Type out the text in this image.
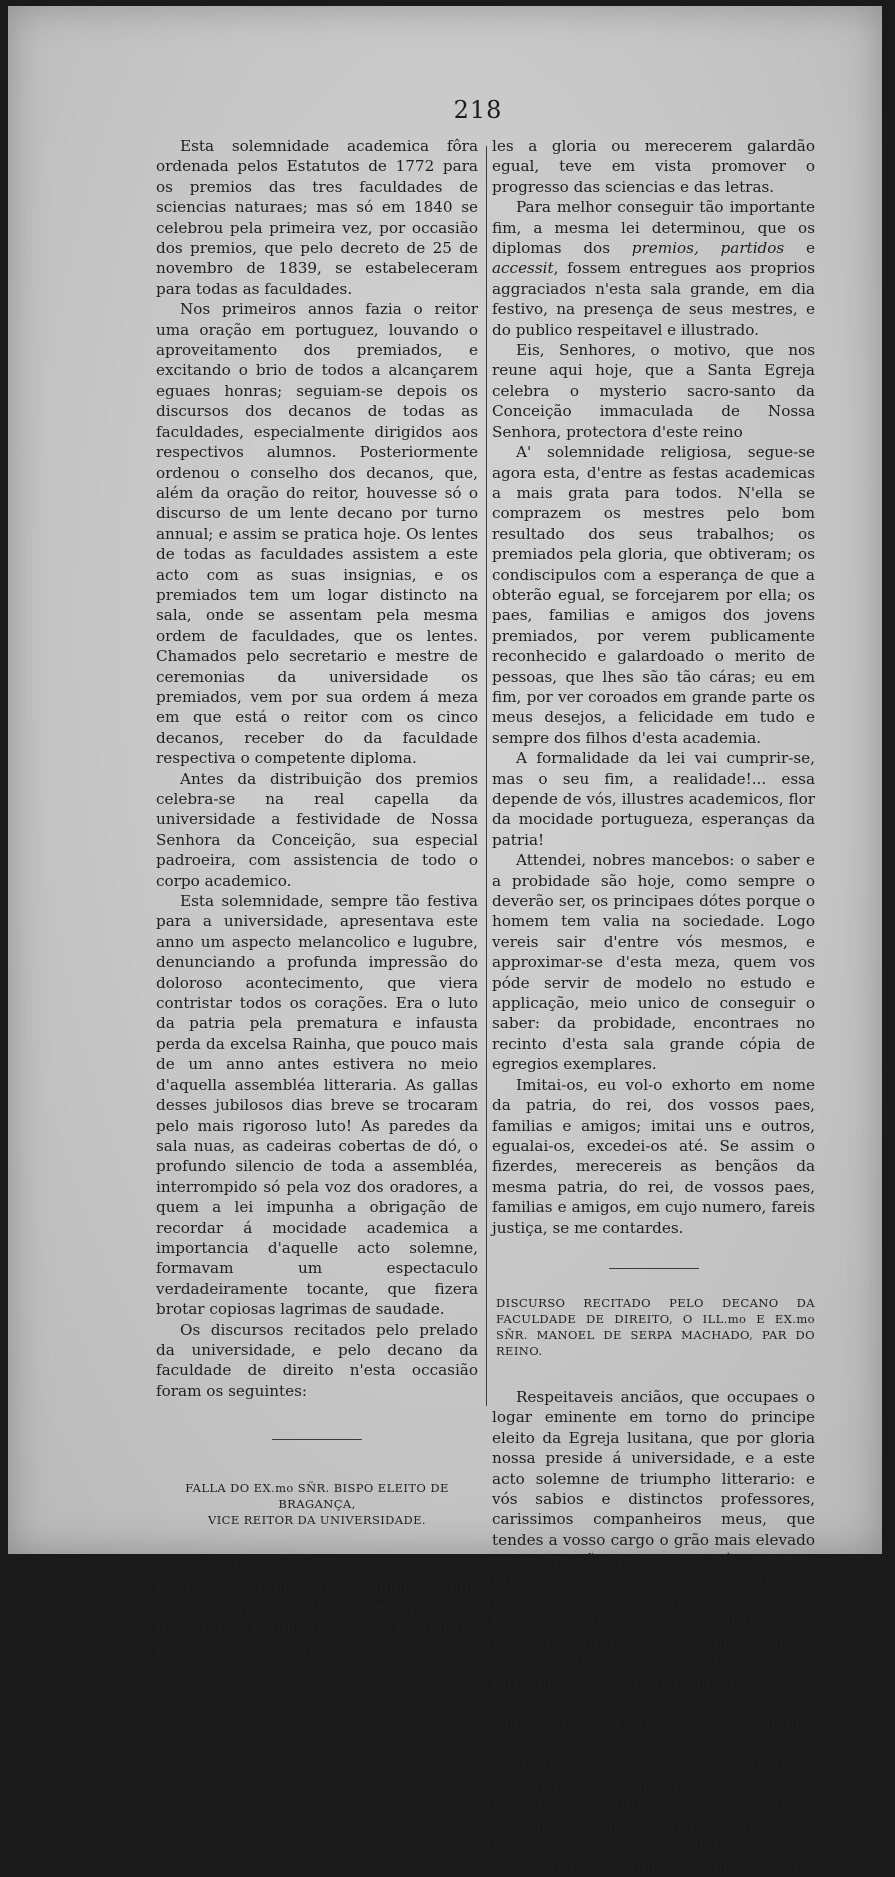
218

Esta solemnidade academica fôra ordenada pelos Estatutos de 1772 para os premios das tres faculdades de sciencias naturaes; mas só em 1840 se celebrou pela primeira vez, por occasião dos premios, que pelo decreto de 25 de novembro de 1839, se estabeleceram para todas as faculdades.

Nos primeiros annos fazia o reitor uma oração em portuguez, louvando o aproveitamento dos premiados, e excitando o brio de todos a alcançarem eguaes honras; seguiam-se depois os discursos dos decanos de todas as faculdades, especialmente dirigidos aos respectivos alumnos. Posteriormente ordenou o conselho dos decanos, que, além da oração do reitor, houvesse só o discurso de um lente decano por turno annual; e assim se pratica hoje. Os lentes de todas as faculdades assistem a este acto com as suas insignias, e os premiados tem um logar distincto na sala, onde se assentam pela mesma ordem de faculdades, que os lentes. Chamados pelo secretario e mestre de ceremonias da universidade os premiados, vem por sua ordem á meza em que está o reitor com os cinco decanos, receber do da faculdade respectiva o competente diploma.

Antes da distribuição dos premios celebra-se na real capella da universidade a festividade de Nossa Senhora da Conceição, sua especial padroeira, com assistencia de todo o corpo academico.

Esta solemnidade, sempre tão festiva para a universidade, apresentava este anno um aspecto melancolico e lugubre, denunciando a profunda impressão do doloroso acontecimento, que viera contristar todos os corações. Era o luto da patria pela prematura e infausta perda da excelsa Rainha, que pouco mais de um anno antes estivera no meio d'aquella assembléa litteraria. As gallas desses jubilosos dias breve se trocaram pelo mais rigoroso luto! As paredes da sala nuas, as cadeiras cobertas de dó, o profundo silencio de toda a assembléa, interrompido só pela voz dos oradores, a quem a lei impunha a obrigação de recordar á mocidade academica a importancia d'aquelle acto solemne, formavam um espectaculo verdadeiramente tocante, que fizera brotar copiosas lagrimas de saudade.

Os discursos recitados pelo prelado da universidade, e pelo decano da faculdade de direito n'esta occasião foram os seguintes:

FALLA DO EX.mo SÑR. BISPO ELEITO DE BRAGANÇA,
VICE REITOR DA UNIVERSIDADE.

Senhores! A lei universitaria, conferindo honras e premios aos alumnos, que sobresaem por seu tallento e applicação, e excitando assim a emulação dos outros para disputarem áquel-

les a gloria ou merecerem galardão egual, teve em vista promover o progresso das sciencias e das letras.

Para melhor conseguir tão importante fim, a mesma lei determinou, que os diplomas dos premios, partidos e accessit, fossem entregues aos proprios aggraciados n'esta sala grande, em dia festivo, na presença de seus mestres, e do publico respeitavel e illustrado.

Eis, Senhores, o motivo, que nos reune aqui hoje, que a Santa Egreja celebra o mysterio sacro-santo da Conceição immaculada de Nossa Senhora, protectora d'este reino

A' solemnidade religiosa, segue-se agora esta, d'entre as festas academicas a mais grata para todos. N'ella se comprazem os mestres pelo bom resultado dos seus trabalhos; os premiados pela gloria, que obtiveram; os condiscipulos com a esperança de que a obterão egual, se forcejarem por ella; os paes, familias e amigos dos jovens premiados, por verem publicamente reconhecido e galardoado o merito de pessoas, que lhes são tão cáras; eu em fim, por ver coroados em grande parte os meus desejos, a felicidade em tudo e sempre dos filhos d'esta academia.

A formalidade da lei vai cumprir-se, mas o seu fim, a realidade!... essa depende de vós, illustres academicos, flor da mocidade portugueza, esperanças da patria!

Attendei, nobres mancebos: o saber e a probidade são hoje, como sempre o deverão ser, os principaes dótes porque o homem tem valia na sociedade. Logo vereis sair d'entre vós mesmos, e approximar-se d'esta meza, quem vos póde servir de modelo no estudo e applicação, meio unico de conseguir o saber: da probidade, encontraes no recinto d'esta sala grande cópia de egregios exemplares.

Imitai-os, eu vol-o exhorto em nome da patria, do rei, dos vossos paes, familias e amigos; imitai uns e outros, egualai-os, excedei-os até. Se assim o fizerdes, merecereis as bençãos da mesma patria, do rei, de vossos paes, familias e amigos, em cujo numero, fareis justiça, se me contardes.

DISCURSO RECITADO PELO DECANO DA FACULDADE DE DIREITO, O ILL.mo E EX.mo SÑR. MANOEL DE SERPA MACHADO, PAR DO REINO.

Respeitaveis anciãos, que occupaes o logar eminente em torno do principe eleito da Egreja lusitana, que por gloria nossa preside á universidade, e a este acto solemne de triumpho litterario: e vós sabios e distinctos professores, carissimos companheiros meus, que tendes a vosso cargo o grão mais elevado da instrucção publica; e vós tambem preciosos mancebos, que concurreis a receber o testimunho publico do vosso distincto merecimento, que outros como vós esperam obter nos annos subsequentes; e bem assim todos os que formam cortejo tão brilhante a esta scientifica reunião; relevae, que eu solicite a vossa attenção em assumpto tão digno della.

A arvore das sciencias e da sabedoria é uma arvore tão antiga como o mundo, e permitta-se o dizel-o, é uma arvore cosmopolita, que tem prosperado em todo o universo habitado, quer successiva, quer simultaneamente, sem
